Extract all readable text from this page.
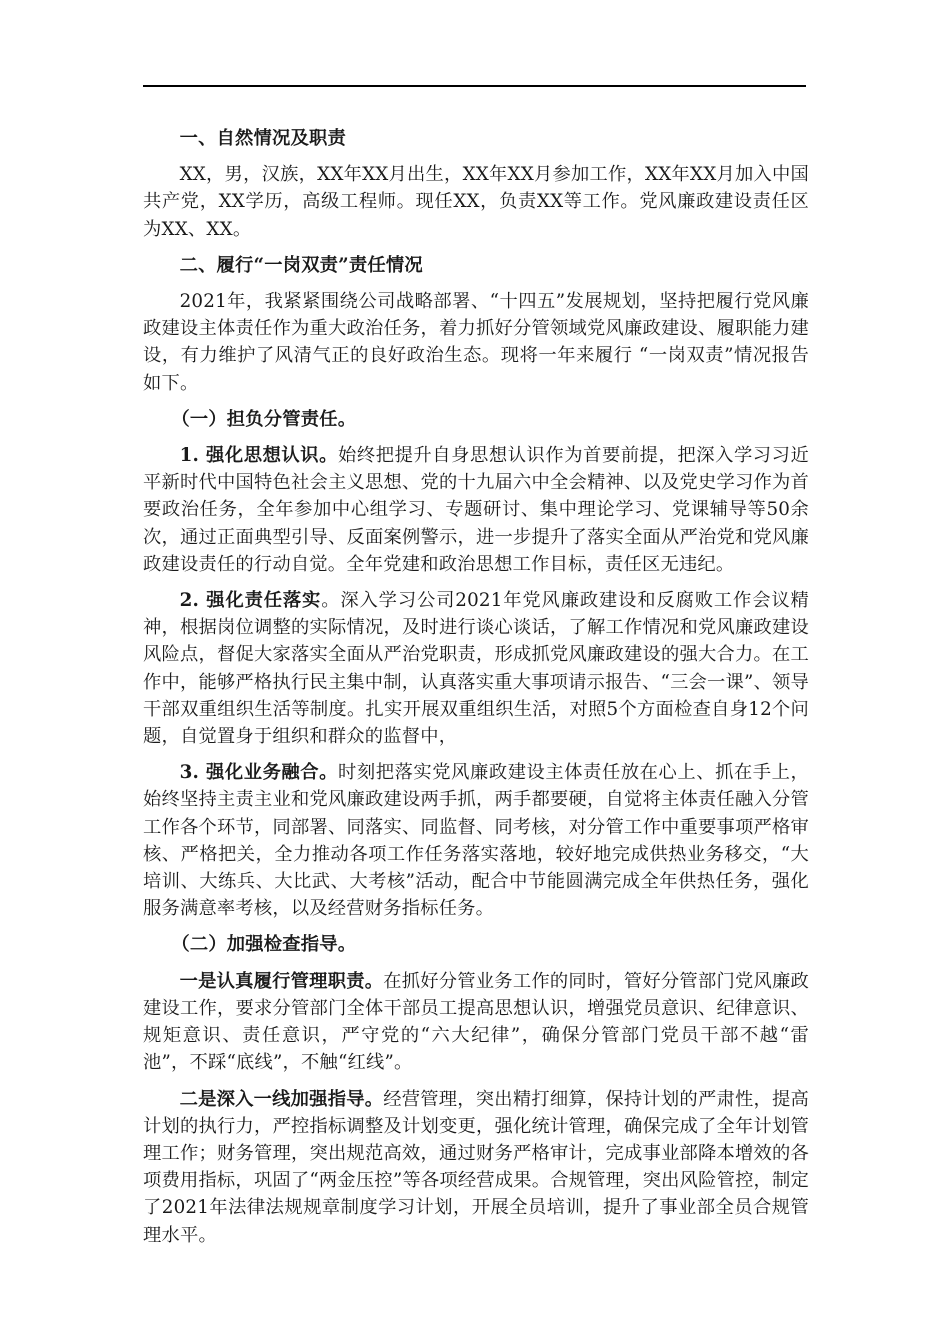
一、自然情况及职责

XX，男，汉族，XX年XX月出生，XX年XX月参加工作，XX年XX月加入中国共产党，XX学历，高级工程师。现任XX，负责XX等工作。党风廉政建设责任区为XX、XX。

二、履行“一岗双责”责任情况

2021年，我紧紧围绕公司战略部署、“十四五”发展规划，坚持把履行党风廉政建设主体责任作为重大政治任务，着力抓好分管领域党风廉政建设、履职能力建设，有力维护了风清气正的良好政治生态。现将一年来履行 “一岗双责”情况报告如下。

（一）担负分管责任。

1. 强化思想认识。始终把提升自身思想认识作为首要前提，把深入学习习近平新时代中国特色社会主义思想、党的十九届六中全会精神、以及党史学习作为首要政治任务，全年参加中心组学习、专题研讨、集中理论学习、党课辅导等50余次，通过正面典型引导、反面案例警示，进一步提升了落实全面从严治党和党风廉政建设责任的行动自觉。全年党建和政治思想工作目标，责任区无违纪。

2. 强化责任落实。深入学习公司2021年党风廉政建设和反腐败工作会议精神，根据岗位调整的实际情况，及时进行谈心谈话，了解工作情况和党风廉政建设风险点，督促大家落实全面从严治党职责，形成抓党风廉政建设的强大合力。在工作中，能够严格执行民主集中制，认真落实重大事项请示报告、“三会一课”、领导干部双重组织生活等制度。扎实开展双重组织生活，对照5个方面检查自身12个问题，自觉置身于组织和群众的监督中，

3. 强化业务融合。时刻把落实党风廉政建设主体责任放在心上、抓在手上，始终坚持主责主业和党风廉政建设两手抓，两手都要硬，自觉将主体责任融入分管工作各个环节，同部署、同落实、同监督、同考核，对分管工作中重要事项严格审核、严格把关，全力推动各项工作任务落实落地，较好地完成供热业务移交，“大培训、大练兵、大比武、大考核”活动，配合中节能圆满完成全年供热任务，强化服务满意率考核，以及经营财务指标任务。

（二）加强检查指导。

一是认真履行管理职责。在抓好分管业务工作的同时，管好分管部门党风廉政建设工作，要求分管部门全体干部员工提高思想认识，增强党员意识、纪律意识、规矩意识、责任意识，严守党的“六大纪律”，确保分管部门党员干部不越“雷池”，不踩“底线”，不触“红线”。

二是深入一线加强指导。经营管理，突出精打细算，保持计划的严肃性，提高计划的执行力，严控指标调整及计划变更，强化统计管理，确保完成了全年计划管理工作；财务管理，突出规范高效，通过财务严格审计，完成事业部降本增效的各项费用指标，巩固了“两金压控”等各项经营成果。合规管理，突出风险管控，制定了2021年法律法规规章制度学习计划，开展全员培训，提升了事业部全员合规管理水平。
